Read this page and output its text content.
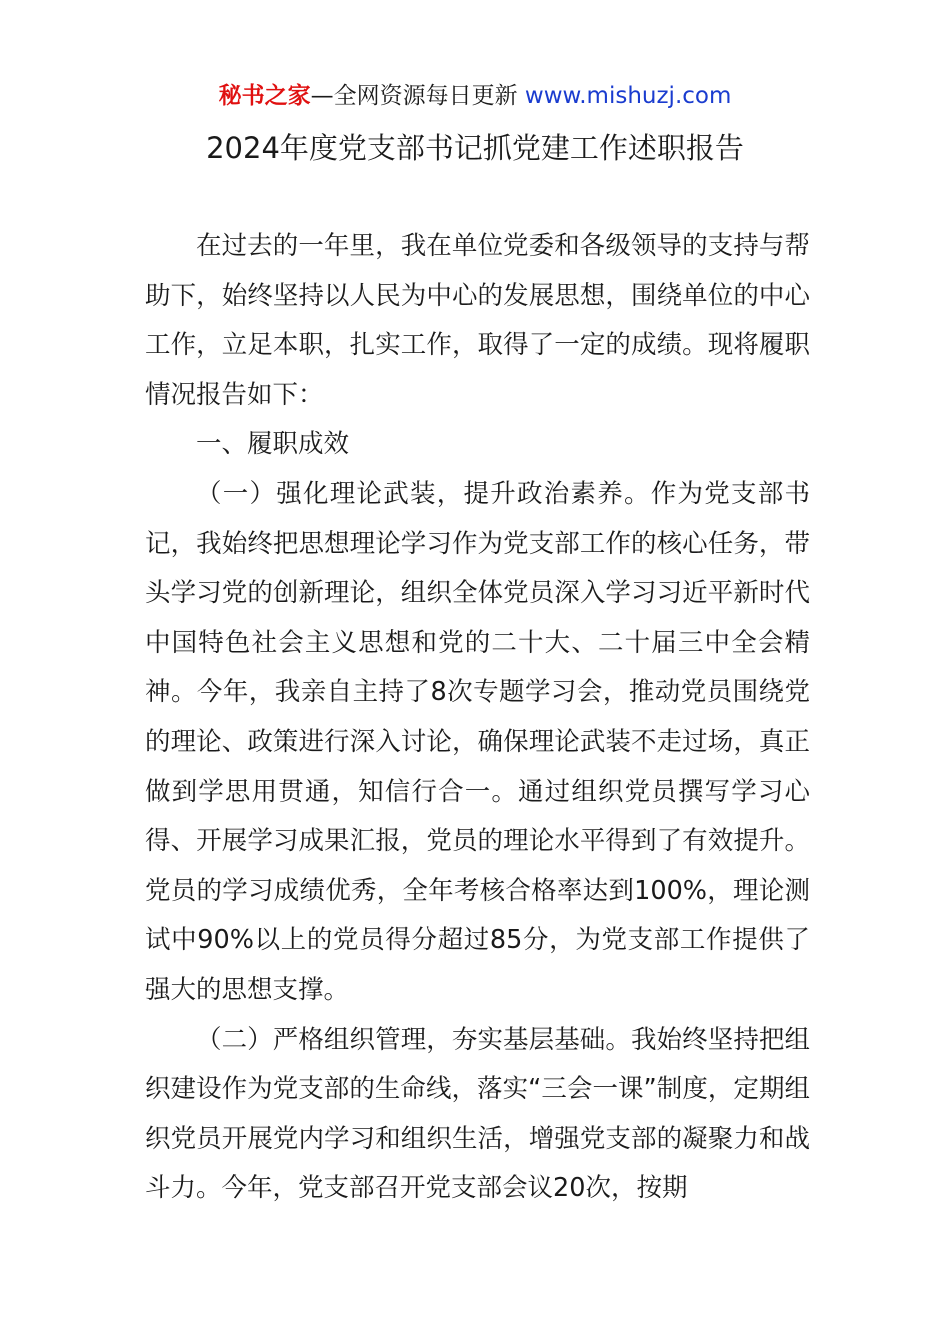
秘书之家—全网资源每日更新 www.mishuzj.com
2024年度党支部书记抓党建工作述职报告

在过去的一年里，我在单位党委和各级领导的支持与帮助下，始终坚持以人民为中心的发展思想，围绕单位的中心工作，立足本职，扎实工作，取得了一定的成绩。现将履职情况报告如下：

一、履职成效

（一）强化理论武装，提升政治素养。作为党支部书记，我始终把思想理论学习作为党支部工作的核心任务，带头学习党的创新理论，组织全体党员深入学习习近平新时代中国特色社会主义思想和党的二十大、二十届三中全会精神。今年，我亲自主持了8次专题学习会，推动党员围绕党的理论、政策进行深入讨论，确保理论武装不走过场，真正做到学思用贯通，知信行合一。通过组织党员撰写学习心得、开展学习成果汇报，党员的理论水平得到了有效提升。党员的学习成绩优秀，全年考核合格率达到100%，理论测试中90%以上的党员得分超过85分，为党支部工作提供了强大的思想支撑。

（二）严格组织管理，夯实基层基础。我始终坚持把组织建设作为党支部的生命线，落实“三会一课”制度，定期组织党员开展党内学习和组织生活，增强党支部的凝聚力和战斗力。今年，党支部召开党支部会议20次，按期
